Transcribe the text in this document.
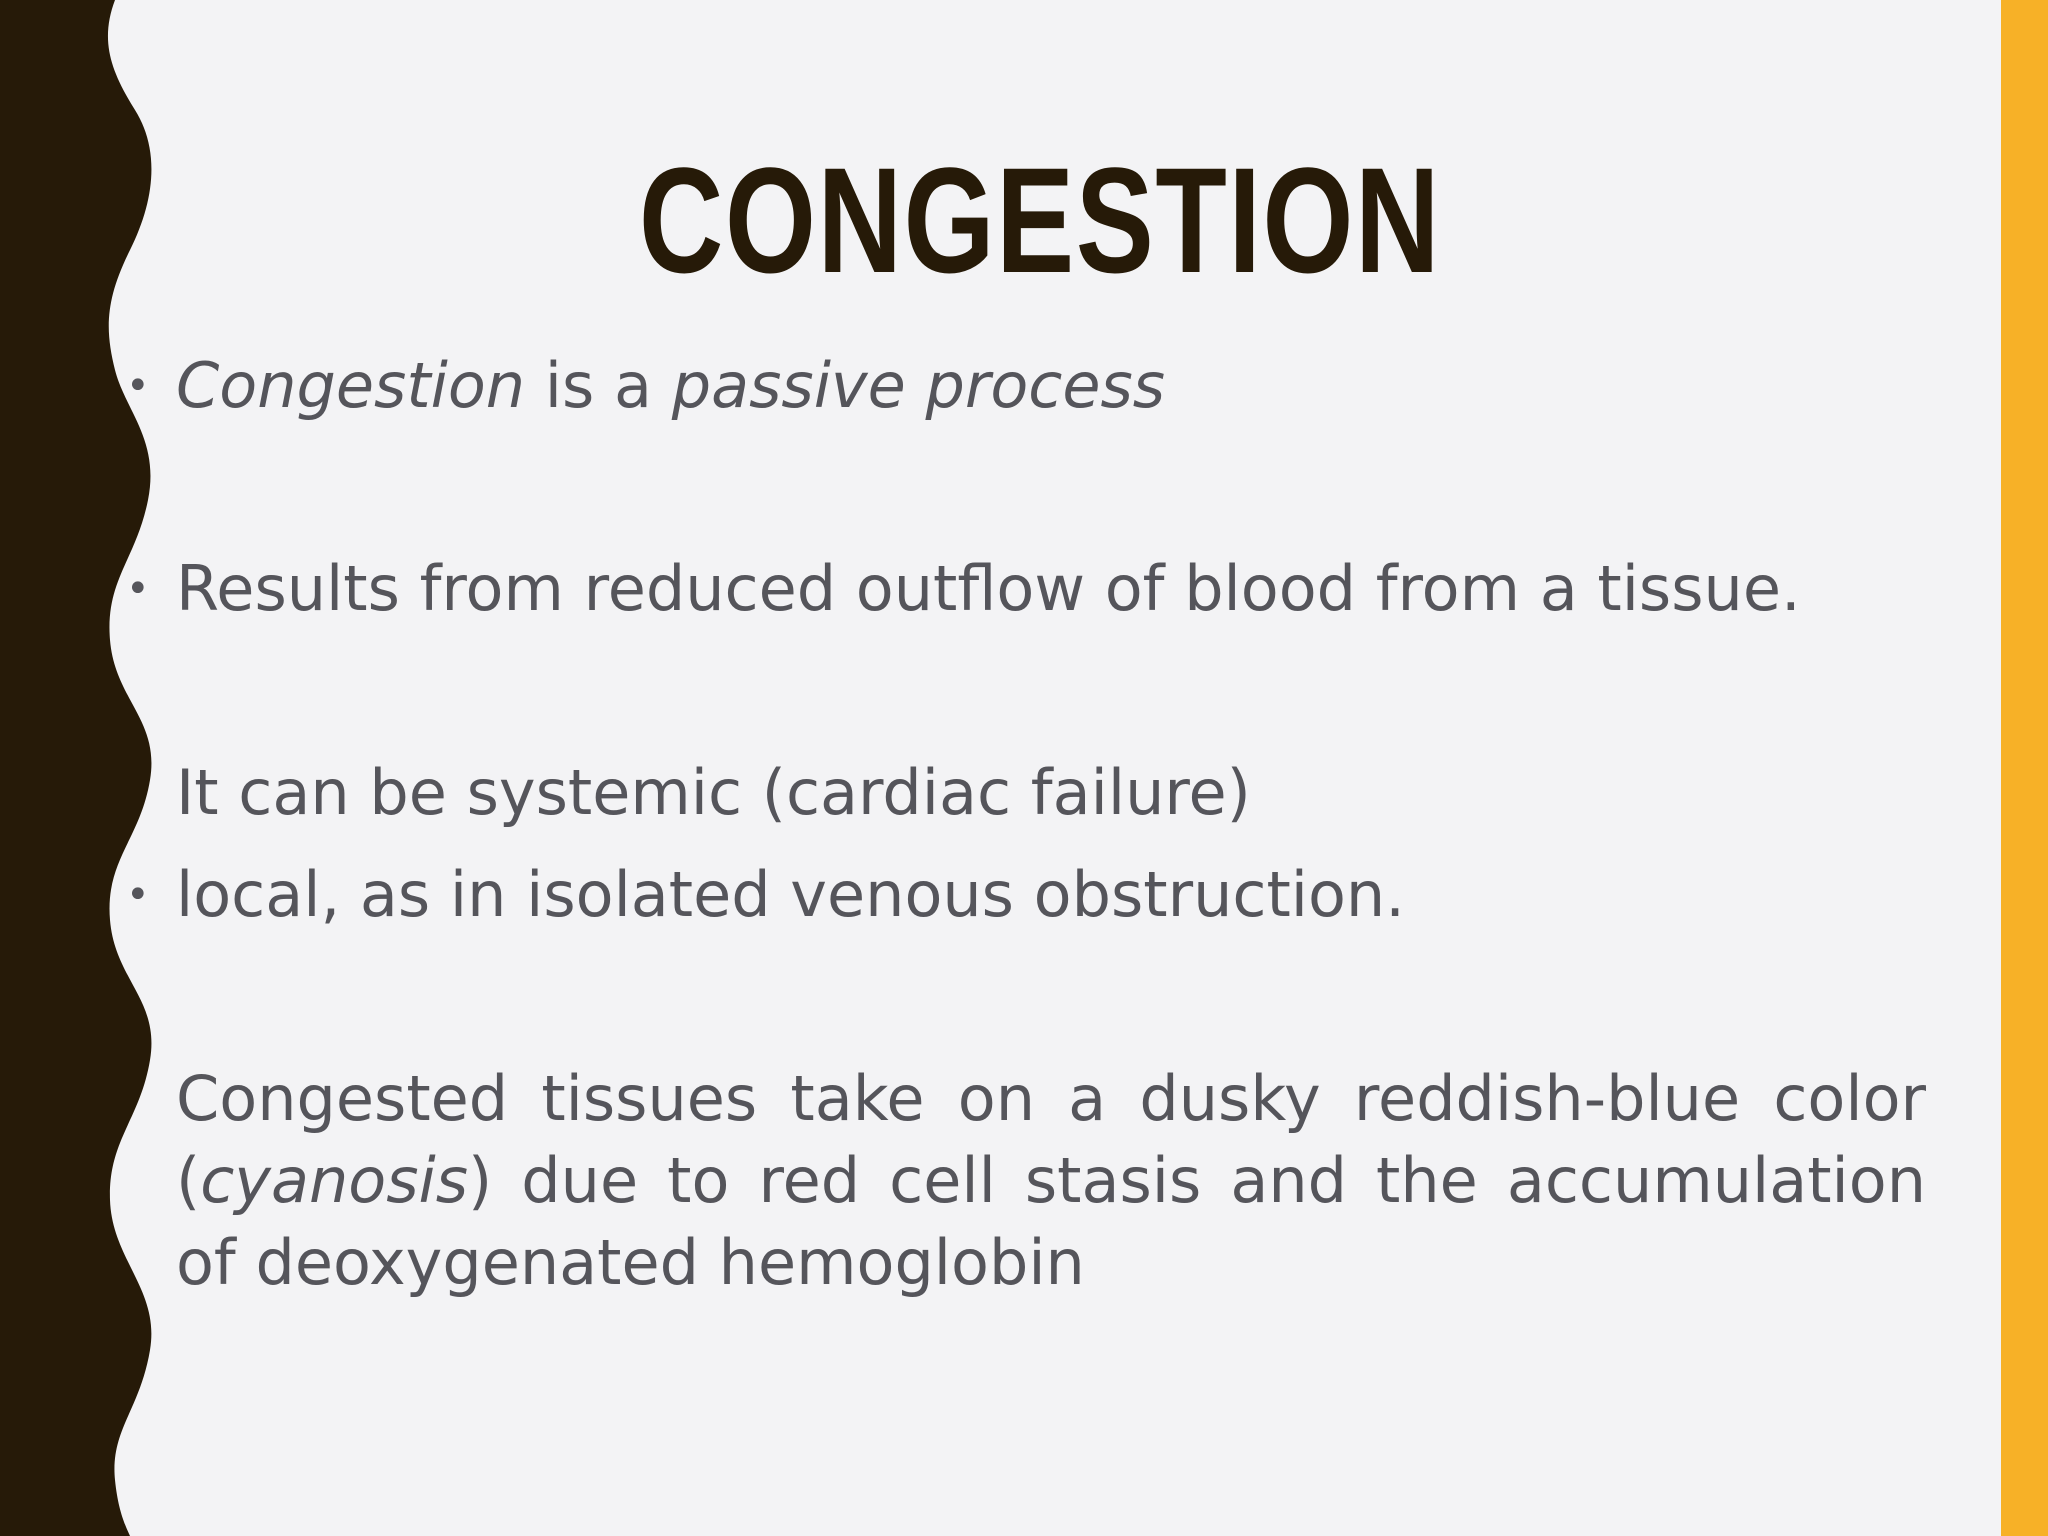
CONGESTION
• Congestion is a passive process
• Results from reduced outflow of blood from a tissue.
It can be systemic (cardiac failure)
• local, as in isolated venous obstruction.
Congested tissues take on a dusky reddish-blue color (cyanosis) due to red cell stasis and the accumulation of deoxygenated hemoglobin
